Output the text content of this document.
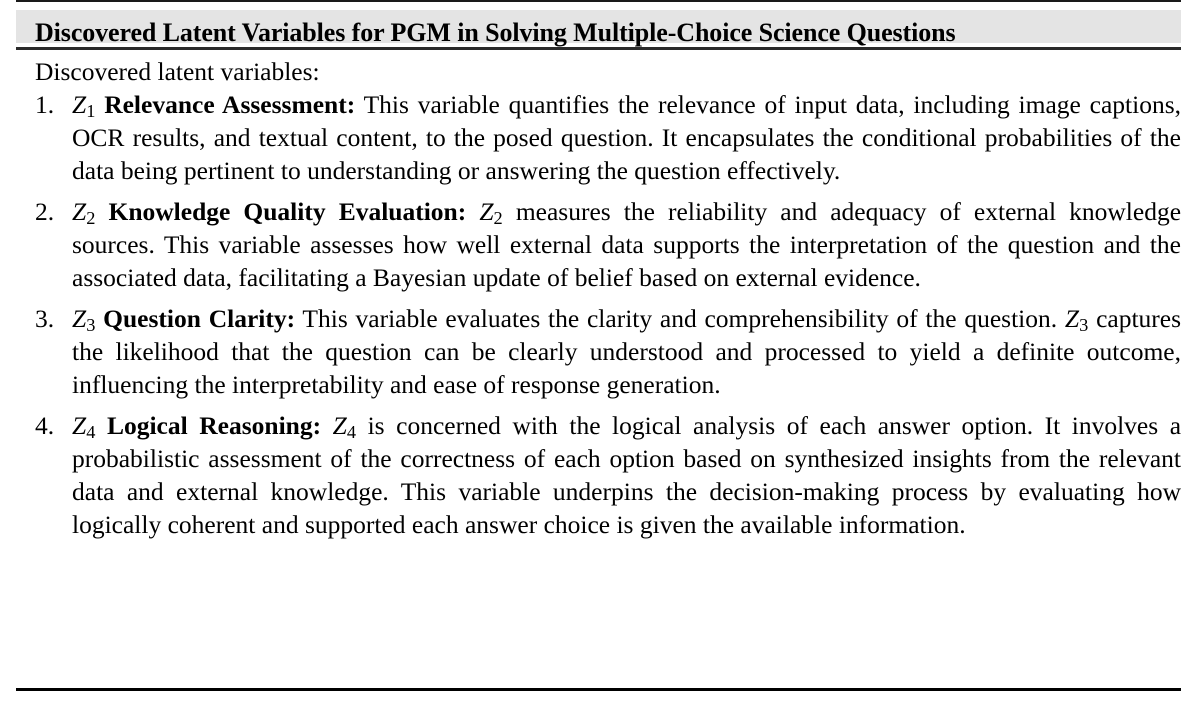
Discovered Latent Variables for PGM in Solving Multiple-Choice Science Questions

Discovered latent variables:

1. $Z_1$ Relevance Assessment: This variable quantifies the relevance of input data, including image captions, OCR results, and textual content, to the posed question. It encapsulates the conditional probabilities of the data being pertinent to understanding or answering the question effectively.
2. $Z_2$ Knowledge Quality Evaluation: $Z_2$ measures the reliability and adequacy of external knowledge sources. This variable assesses how well external data supports the interpretation of the question and the associated data, facilitating a Bayesian update of belief based on external evidence.
3. $Z_3$ Question Clarity: This variable evaluates the clarity and comprehensibility of the question. $Z_3$ captures the likelihood that the question can be clearly understood and processed to yield a definite outcome, influencing the interpretability and ease of response generation.
4. $Z_4$ Logical Reasoning: $Z_4$ is concerned with the logical analysis of each answer option. It involves a probabilistic assessment of the correctness of each option based on synthesized insights from the relevant data and external knowledge. This variable underpins the decision-making process by evaluating how logically coherent and supported each answer choice is given the available information.
